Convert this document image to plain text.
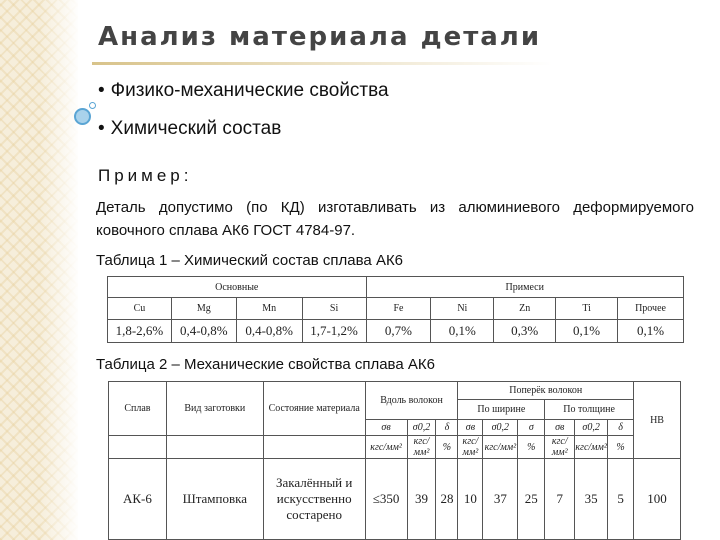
Анализ материала детали
• Физико-механические свойства
• Химический состав
Пример:
Деталь допустимо (по КД) изготавливать из алюминиевого деформируемого ковочного сплава АК6 ГОСТ 4784-97.
Таблица 1 – Химический состав сплава АК6
Основные				Примеси				
Cu	Mg	Mn	Si	Fe	Ni	Zn	Ti	Прочее
1,8-2,6%	0,4-0,8%	0,4-0,8%	1,7-1,2%	0,7%	0,1%	0,3%	0,1%	0,1%
Таблица 2 – Механические свойства сплава АК6
Сплав	Вид заготовки	Состояние материала	Вдоль волокон			Поперёк волокон						НВ
						По ширине			По толщине			
			σв	σ0,2	δ	σв	σ0,2	σ	σв	σ0,2	δ	
			кгс/мм²	кгс/мм²	%	кгс/мм²	кгс/мм²	%	кгс/мм²	кгс/мм²	%	
АК-6	Штамповка	Закалённый и искусственно состарено	≤350	39	28	10	37	25	7	35	5	100
